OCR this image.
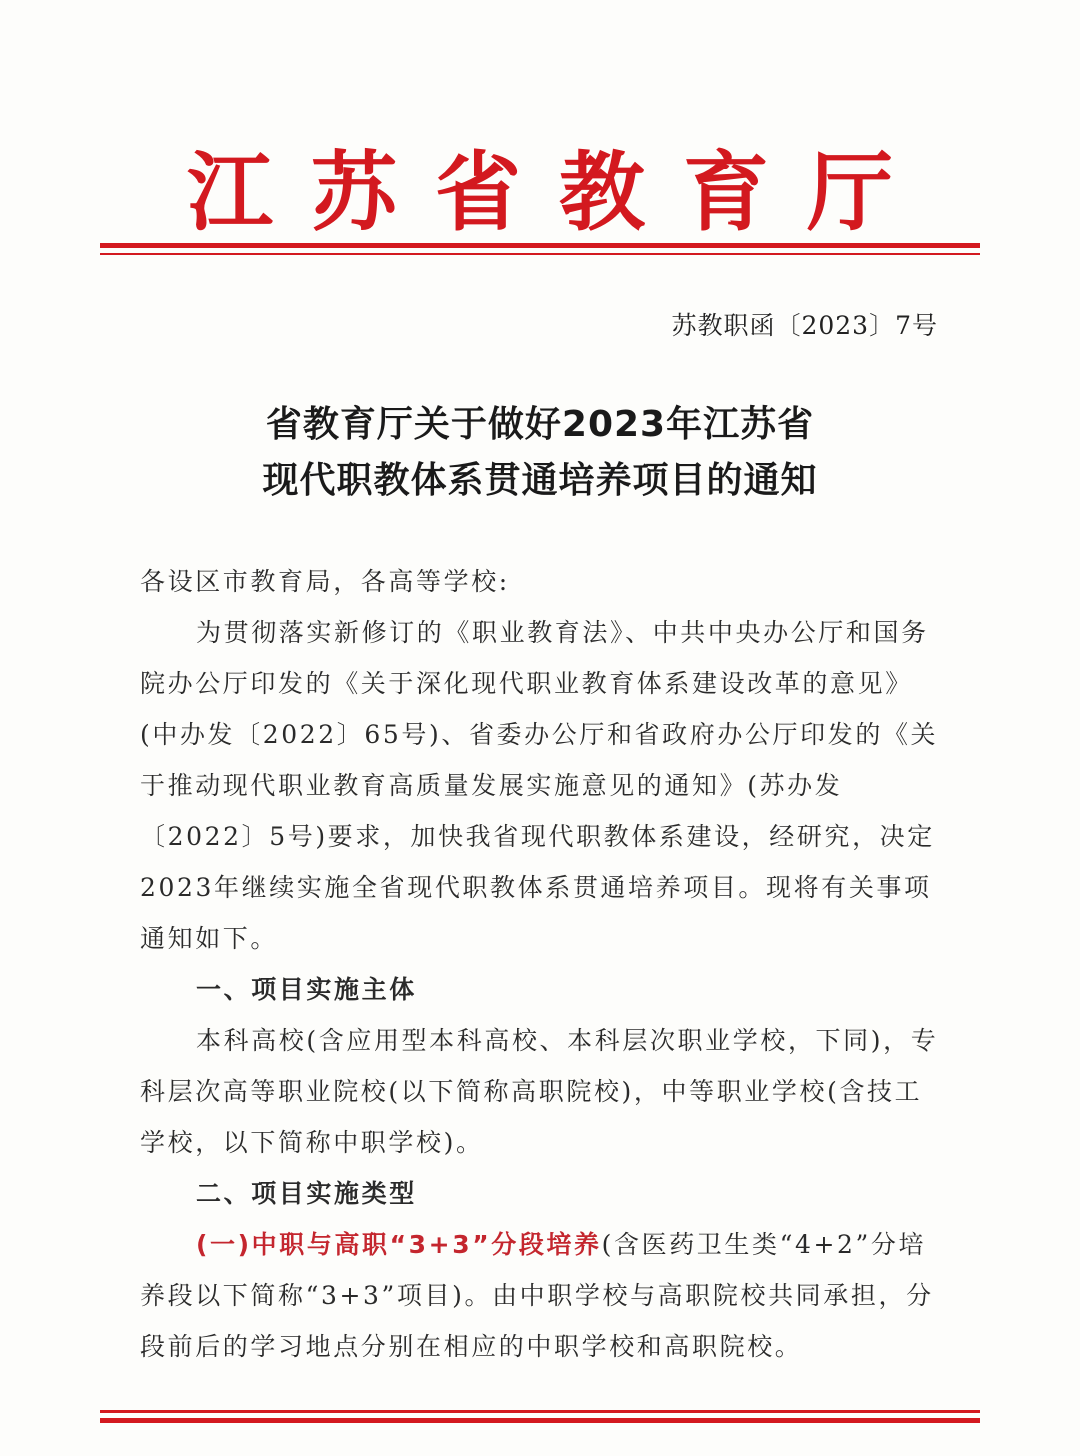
江苏省教育厅
苏教职函〔2023〕7号
省教育厅关于做好2023年江苏省
现代职教体系贯通培养项目的通知

各设区市教育局，各高等学校:

为贯彻落实新修订的《职业教育法》、中共中央办公厅和国务院办公厅印发的《关于深化现代职业教育体系建设改革的意见》(中办发〔2022〕65号)、省委办公厅和省政府办公厅印发的《关于推动现代职业教育高质量发展实施意见的通知》(苏办发〔2022〕5号)要求，加快我省现代职教体系建设，经研究，决定2023年继续实施全省现代职教体系贯通培养项目。现将有关事项通知如下。

一、项目实施主体

本科高校(含应用型本科高校、本科层次职业学校，下同)，专科层次高等职业院校(以下简称高职院校)，中等职业学校(含技工学校，以下简称中职学校)。

二、项目实施类型

(一)中职与高职“3+3”分段培养(含医药卫生类“4+2”分培养段以下简称“3+3”项目)。由中职学校与高职院校共同承担，分段前后的学习地点分别在相应的中职学校和高职院校。
